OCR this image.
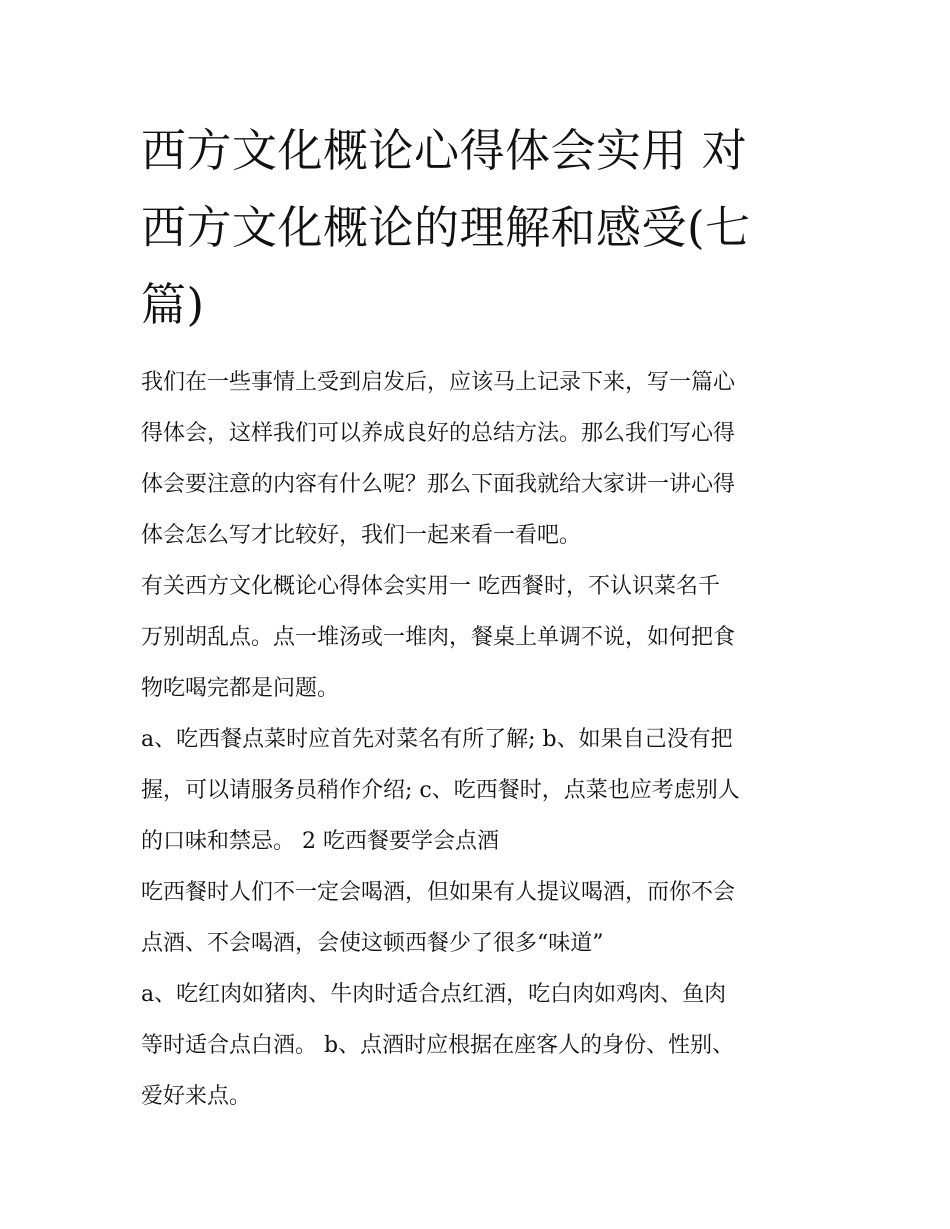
西方文化概论心得体会实用 对
西方文化概论的理解和感受(七
篇)

我们在一些事情上受到启发后，应该马上记录下来，写一篇心
得体会，这样我们可以养成良好的总结方法。那么我们写心得
体会要注意的内容有什么呢？那么下面我就给大家讲一讲心得
体会怎么写才比较好，我们一起来看一看吧。

有关西方文化概论心得体会实用一 吃西餐时，不认识菜名千
万别胡乱点。点一堆汤或一堆肉，餐桌上单调不说，如何把食
物吃喝完都是问题。

a、吃西餐点菜时应首先对菜名有所了解; b、如果自己没有把
握，可以请服务员稍作介绍; c、吃西餐时，点菜也应考虑别人
的口味和禁忌。 2 吃西餐要学会点酒

吃西餐时人们不一定会喝酒，但如果有人提议喝酒，而你不会
点酒、不会喝酒，会使这顿西餐少了很多“味道”

a、吃红肉如猪肉、牛肉时适合点红酒，吃白肉如鸡肉、鱼肉
等时适合点白酒。 b、点酒时应根据在座客人的身份、性别、
爱好来点。
